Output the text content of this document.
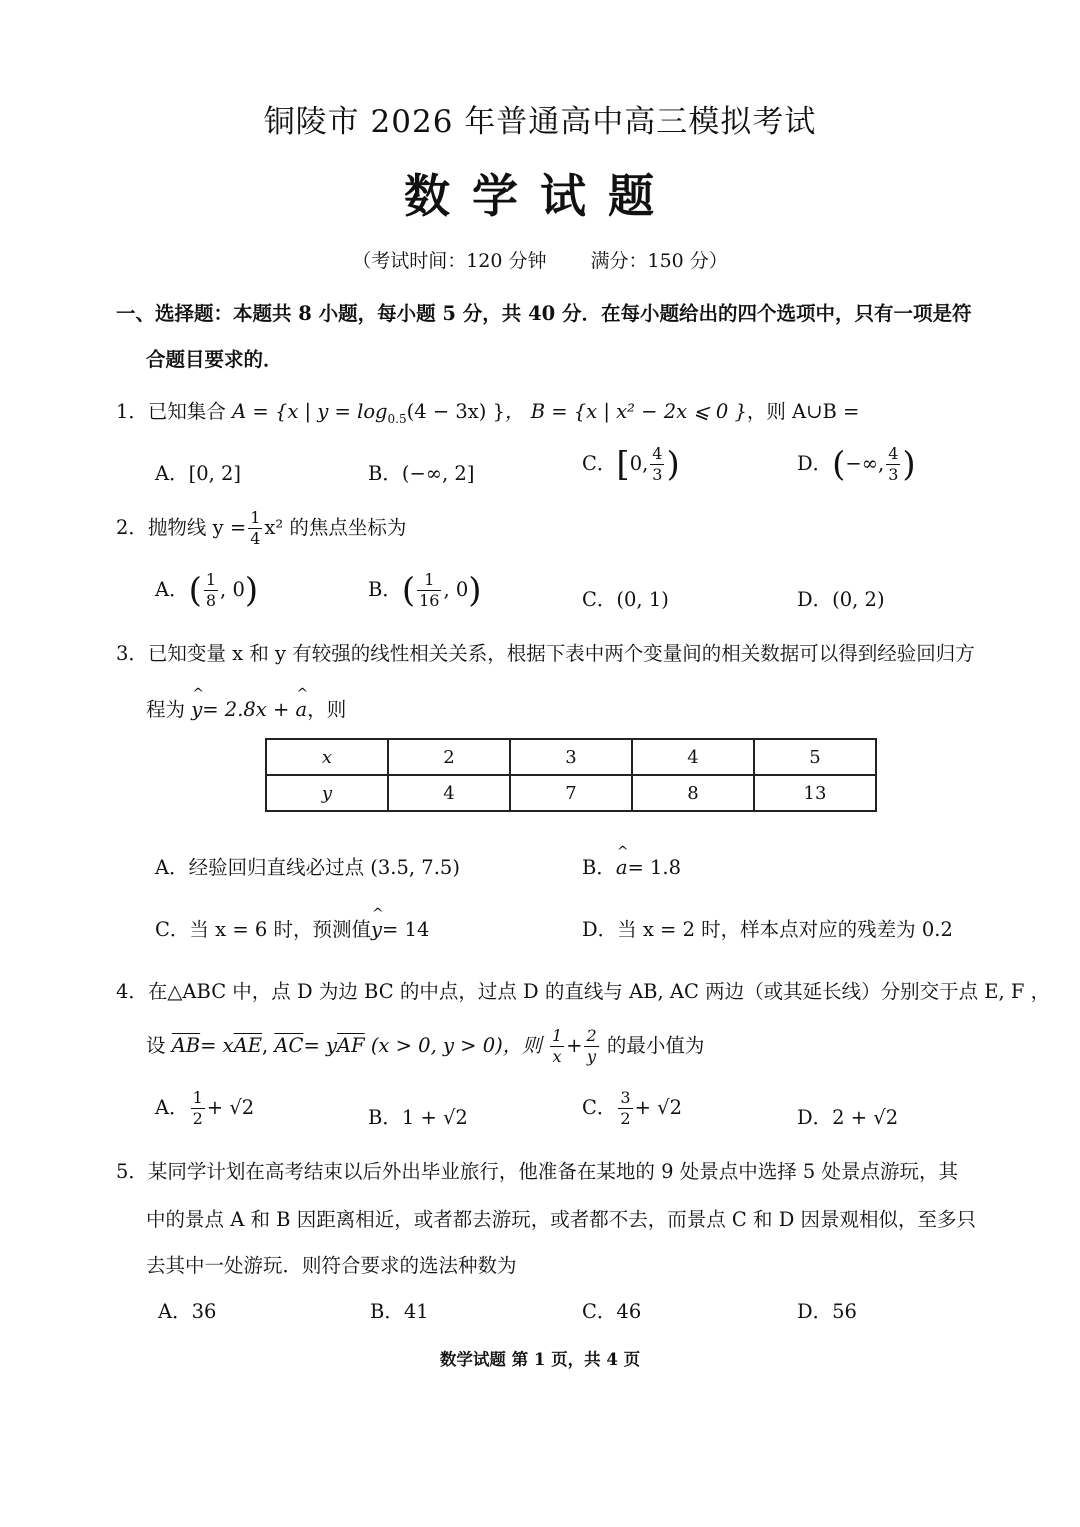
铜陵市 2026 年普通高中高三模拟考试
数学试题
（考试时间：120 分钟 满分：150 分）
一、选择题：本题共 8 小题，每小题 5 分，共 40 分．在每小题给出的四个选项中，只有一项是符
合题目要求的．
1．已知集合 A = {x | $y = \log_{0.5}(4 - 3x)$ }， B = {x | x² − 2x ⩽ 0 }，则 A∪B =
A．[0, 2]	B．(−∞, 2]	C．[0, $\frac{4}{3}$ )	D．(−∞, $\frac{4}{3}$ )
2．抛物线 $y = \frac{1}{4} x^2$ 的焦点坐标为
A．( $\frac{1}{8}$ , 0)	B．( $\frac{1}{16}$ , 0)	C．(0, 1)	D．(0, 2)
3．已知变量 x 和 y 有较强的线性相关关系，根据下表中两个变量间的相关数据可以得到经验回归方
程为 ^ y= 2.8x + ^ a，则
x	2	3	4	5
y	4	7	8	13
A．经验回归直线必过点 (3.5, 7.5)	B．^ a= 1.8
C．当 x = 6 时，预测值^ y= 14	D．当 x = 2 时，样本点对应的残差为 0.2
4．在△ABC 中，点 D 为边 BC 的中点，过点 D 的直线与 AB, AC 两边（或其延长线）分别交于点 E, F ，
设 $\overline{AB}= x\overline{AE}$, $\overline{AC}= y\overline{AF}$ (x > 0, y > 0)，则 $\frac{1}{x} + \frac{2}{y}$ 的最小值为
A． $\frac{1}{2} + √2$	B．1 + √2	C． $\frac{3}{2} + √2$	D．2 + √2
5．某同学计划在高考结束以后外出毕业旅行，他准备在某地的 9 处景点中选择 5 处景点游玩，其
中的景点 A 和 B 因距离相近，或者都去游玩，或者都不去，而景点 C 和 D 因景观相似，至多只
去其中一处游玩．则符合要求的选法种数为
A．36	B．41	C．46	D．56
数学试题 第 1 页，共 4 页
